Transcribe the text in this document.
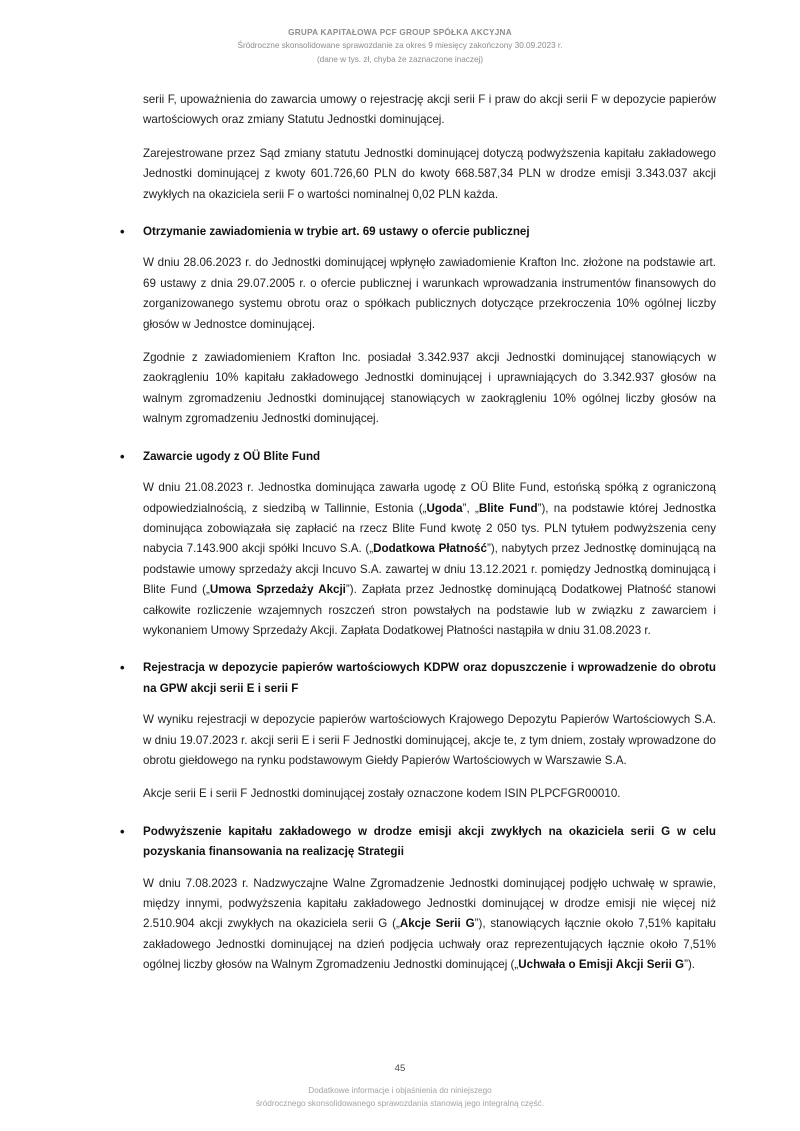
GRUPA KAPITAŁOWA PCF GROUP SPÓŁKA AKCYJNA
Śródroczne skonsolidowane sprawozdanie za okres 9 miesięcy zakończony 30.09.2023 r.
(dane w tys. zł, chyba że zaznaczone inaczej)

serii F, upoważnienia do zawarcia umowy o rejestrację akcji serii F i praw do akcji serii F w depozycie papierów wartościowych oraz zmiany Statutu Jednostki dominującej.

Zarejestrowane przez Sąd zmiany statutu Jednostki dominującej dotyczą podwyższenia kapitału zakładowego Jednostki dominującej z kwoty 601.726,60 PLN do kwoty 668.587,34 PLN w drodze emisji 3.343.037 akcji zwykłych na okaziciela serii F o wartości nominalnej 0,02 PLN każda.

• Otrzymanie zawiadomienia w trybie art. 69 ustawy o ofercie publicznej

W dniu 28.06.2023 r. do Jednostki dominującej wpłynęło zawiadomienie Krafton Inc. złożone na podstawie art. 69 ustawy z dnia 29.07.2005 r. o ofercie publicznej i warunkach wprowadzania instrumentów finansowych do zorganizowanego systemu obrotu oraz o spółkach publicznych dotyczące przekroczenia 10% ogólnej liczby głosów w Jednostce dominującej.

Zgodnie z zawiadomieniem Krafton Inc. posiadał 3.342.937 akcji Jednostki dominującej stanowiących w zaokrągleniu 10% kapitału zakładowego Jednostki dominującej i uprawniających do 3.342.937 głosów na walnym zgromadzeniu Jednostki dominującej stanowiących w zaokrągleniu 10% ogólnej liczby głosów na walnym zgromadzeniu Jednostki dominującej.

• Zawarcie ugody z OÜ Blite Fund

W dniu 21.08.2023 r. Jednostka dominująca zawarła ugodę z OÜ Blite Fund, estońską spółką z ograniczoną odpowiedzialnością, z siedzibą w Tallinnie, Estonia („Ugoda”, „Blite Fund”), na podstawie której Jednostka dominująca zobowiązała się zapłacić na rzecz Blite Fund kwotę 2 050 tys. PLN tytułem podwyższenia ceny nabycia 7.143.900 akcji spółki Incuvo S.A. („Dodatkowa Płatność”), nabytych przez Jednostkę dominującą na podstawie umowy sprzedaży akcji Incuvo S.A. zawartej w dniu 13.12.2021 r. pomiędzy Jednostką dominującą i Blite Fund („Umowa Sprzedaży Akcji”). Zapłata przez Jednostkę dominującą Dodatkowej Płatność stanowi całkowite rozliczenie wzajemnych roszczeń stron powstałych na podstawie lub w związku z zawarciem i wykonaniem Umowy Sprzedaży Akcji. Zapłata Dodatkowej Płatności nastąpiła w dniu 31.08.2023 r.

• Rejestracja w depozycie papierów wartościowych KDPW oraz dopuszczenie i wprowadzenie do obrotu na GPW akcji serii E i serii F

W wyniku rejestracji w depozycie papierów wartościowych Krajowego Depozytu Papierów Wartościowych S.A. w dniu 19.07.2023 r. akcji serii E i serii F Jednostki dominującej, akcje te, z tym dniem, zostały wprowadzone do obrotu giełdowego na rynku podstawowym Giełdy Papierów Wartościowych w Warszawie S.A.

Akcje serii E i serii F Jednostki dominującej zostały oznaczone kodem ISIN PLPCFGR00010.

• Podwyższenie kapitału zakładowego w drodze emisji akcji zwykłych na okaziciela serii G w celu pozyskania finansowania na realizację Strategii

W dniu 7.08.2023 r. Nadzwyczajne Walne Zgromadzenie Jednostki dominującej podjęło uchwałę w sprawie, między innymi, podwyższenia kapitału zakładowego Jednostki dominującej w drodze emisji nie więcej niż 2.510.904 akcji zwykłych na okaziciela serii G („Akcje Serii G”), stanowiących łącznie około 7,51% kapitału zakładowego Jednostki dominującej na dzień podjęcia uchwały oraz reprezentujących łącznie około 7,51% ogólnej liczby głosów na Walnym Zgromadzeniu Jednostki dominującej („Uchwała o Emisji Akcji Serii G”).

45
Dodatkowe informacje i objaśnienia do niniejszego
śródrocznego skonsolidowanego sprawozdania stanowią jego integralną część.
